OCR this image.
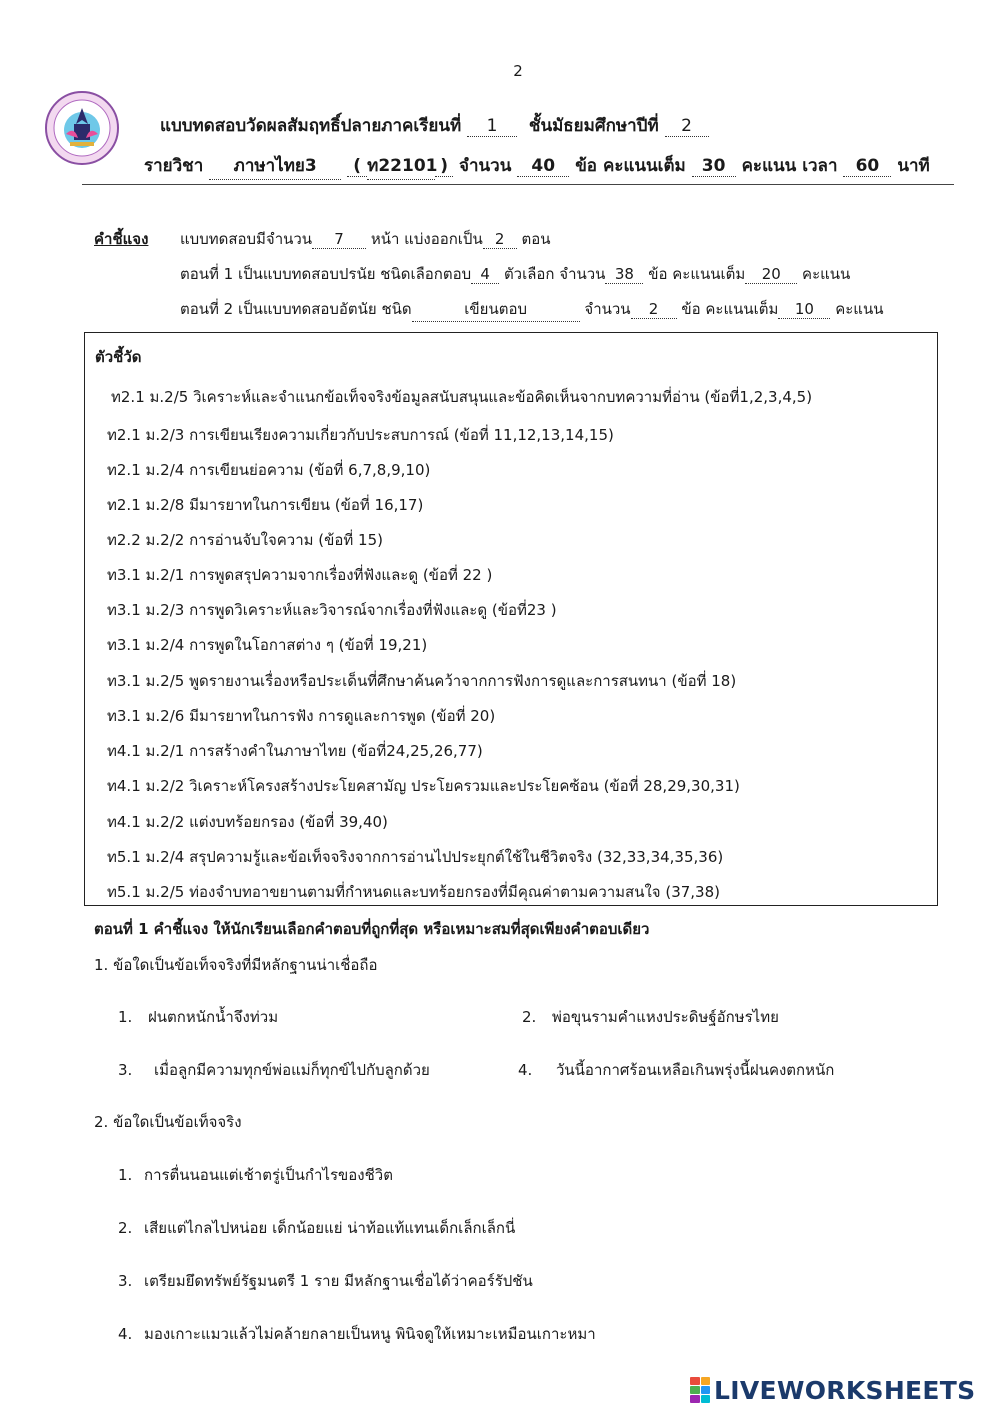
2
แบบทดสอบวัดผลสัมฤทธิ์ปลายภาคเรียนที่ 1 ชั้นมัธยมศึกษาปีที่ 2
รายวิชา ภาษาไทย3 ( ท22101 ) จำนวน 40 ข้อ คะแนนเต็ม 30 คะแนน เวลา 60 นาที
คำชี้แจง แบบทดสอบมีจำนวน 7 หน้า แบ่งออกเป็น 2 ตอน
ตอนที่ 1 เป็นแบบทดสอบปรนัย ชนิดเลือกตอบ 4 ตัวเลือก จำนวน 38 ข้อ คะแนนเต็ม 20 คะแนน
ตอนที่ 2 เป็นแบบทดสอบอัตนัย ชนิด	เขียนตอบ	จำนวน 2 ข้อ คะแนนเต็ม 10 คะแนน
ตัวชี้วัด
ท2.1 ม.2/5 วิเคราะห์และจำแนกข้อเท็จจริงข้อมูลสนับสนุนและข้อคิดเห็นจากบทความที่อ่าน (ข้อที่1,2,3,4,5)
ท2.1 ม.2/3 การเขียนเรียงความเกี่ยวกับประสบการณ์ (ข้อที่ 11,12,13,14,15)
ท2.1 ม.2/4 การเขียนย่อความ (ข้อที่ 6,7,8,9,10)
ท2.1 ม.2/8 มีมารยาทในการเขียน (ข้อที่ 16,17)
ท2.2 ม.2/2 การอ่านจับใจความ (ข้อที่ 15)
ท3.1 ม.2/1 การพูดสรุปความจากเรื่องที่ฟังและดู (ข้อที่ 22 )
ท3.1 ม.2/3 การพูดวิเคราะห์และวิจารณ์จากเรื่องที่ฟังและดู (ข้อที่23 )
ท3.1 ม.2/4 การพูดในโอกาสต่าง ๆ (ข้อที่ 19,21)
ท3.1 ม.2/5 พูดรายงานเรื่องหรือประเด็นที่ศึกษาค้นคว้าจากการฟังการดูและการสนทนา (ข้อที่ 18)
ท3.1 ม.2/6 มีมารยาทในการฟัง การดูและการพูด (ข้อที่ 20)
ท4.1 ม.2/1 การสร้างคำในภาษาไทย (ข้อที่24,25,26,77)
ท4.1 ม.2/2 วิเคราะห์โครงสร้างประโยคสามัญ ประโยครวมและประโยคซ้อน (ข้อที่ 28,29,30,31)
ท4.1 ม.2/2 แต่งบทร้อยกรอง (ข้อที่ 39,40)
ท5.1 ม.2/4 สรุปความรู้และข้อเท็จจริงจากการอ่านไปประยุกต์ใช้ในชีวิตจริง (32,33,34,35,36)
ท5.1 ม.2/5 ท่องจำบทอาขยานตามที่กำหนดและบทร้อยกรองที่มีคุณค่าตามความสนใจ (37,38)
ตอนที่ 1 คำชี้แจง ให้นักเรียนเลือกคำตอบที่ถูกที่สุด หรือเหมาะสมที่สุดเพียงคำตอบเดียว
1. ข้อใดเป็นข้อเท็จจริงที่มีหลักฐานน่าเชื่อถือ
1. ฝนตกหนักน้ำจึงท่วม	2. พ่อขุนรามคำแหงประดิษฐ์อักษรไทย
3. เมื่อลูกมีความทุกข์พ่อแม่ก็ทุกข์ไปกับลูกด้วย	4. วันนี้อากาศร้อนเหลือเกินพรุ่งนี้ฝนคงตกหนัก
2. ข้อใดเป็นข้อเท็จจริง
1. การตื่นนอนแต่เช้าตรู่เป็นกำไรของชีวิต
2. เสียแต่ไกลไปหน่อย เด็กน้อยแย่ น่าท้อแท้แทนเด็กเล็กเล็กนี่
3. เตรียมยึดทรัพย์รัฐมนตรี 1 ราย มีหลักฐานเชื่อได้ว่าคอร์รัปชัน
4. มองเกาะแมวแล้วไม่คล้ายกลายเป็นหนู พินิจดูให้เหมาะเหมือนเกาะหมา
LIVEWORKSHEETS
